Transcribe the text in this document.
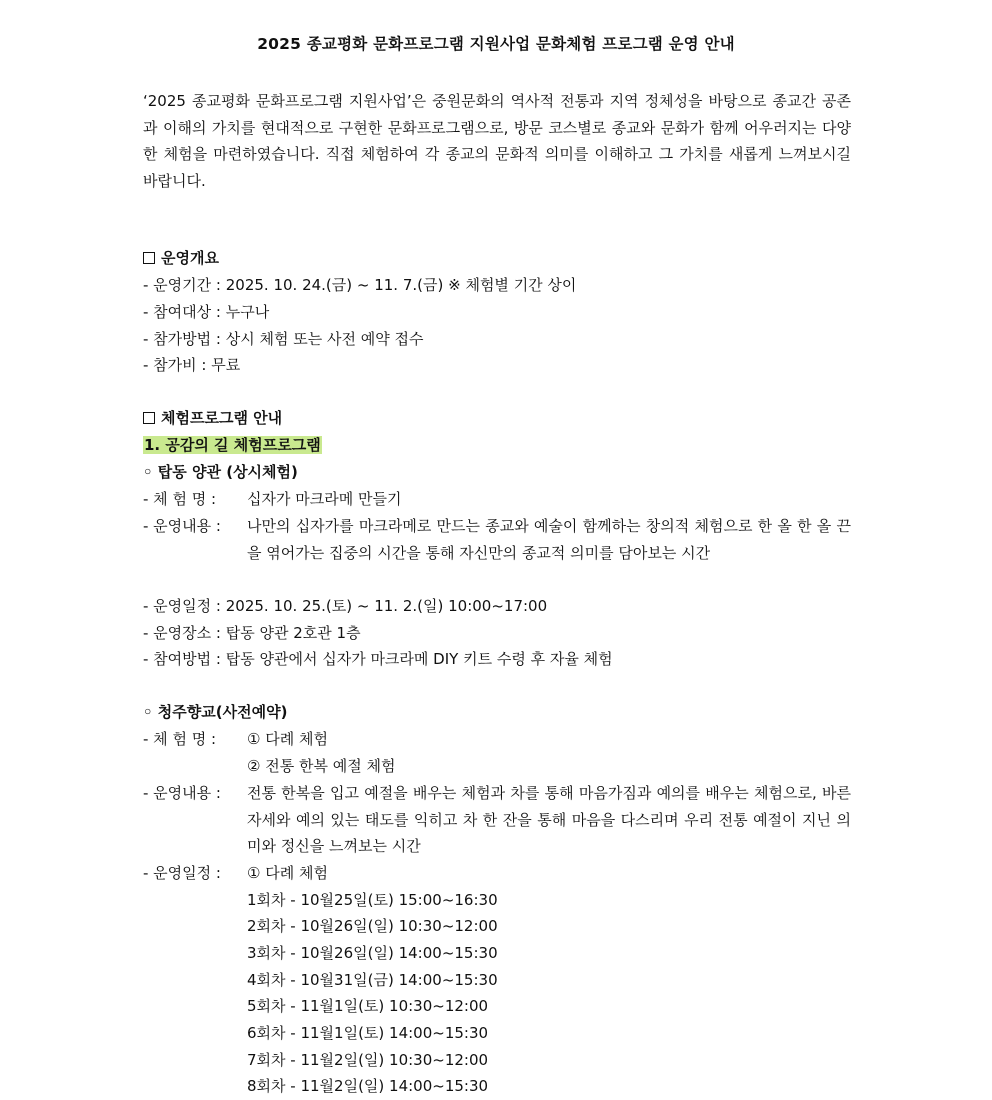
2025 종교평화 문화프로그램 지원사업 문화체험 프로그램 운영 안내
‘2025 종교평화 문화프로그램 지원사업’은 중원문화의 역사적 전통과 지역 정체성을 바탕으로 종교간 공존과 이해의 가치를 현대적으로 구현한 문화프로그램으로, 방문 코스별로 종교와 문화가 함께 어우러지는 다양한 체험을 마련하였습니다. 직접 체험하여 각 종교의 문화적 의미를 이해하고 그 가치를 새롭게 느껴보시길 바랍니다.
운영개요
- 운영기간 : 2025. 10. 24.(금) ~ 11. 7.(금) ※ 체험별 기간 상이
- 참여대상 : 누구나
- 참가방법 : 상시 체험 또는 사전 예약 접수
- 참가비 : 무료
체험프로그램 안내
1. 공감의 길 체험프로그램
◦ 탑동 양관 (상시체험)
- 체 험 명 : 십자가 마크라메 만들기
- 운영내용 : 나만의 십자가를 마크라메로 만드는 종교와 예술이 함께하는 창의적 체험으로 한 올 한 올 끈을 엮어가는 집중의 시간을 통해 자신만의 종교적 의미를 담아보는 시간
- 운영일정 : 2025. 10. 25.(토) ~ 11. 2.(일) 10:00~17:00
- 운영장소 : 탑동 양관 2호관 1층
- 참여방법 : 탑동 양관에서 십자가 마크라메 DIY 키트 수령 후 자율 체험
◦ 청주향교(사전예약)
- 체 험 명 : ① 다례 체험
② 전통 한복 예절 체험
- 운영내용 : 전통 한복을 입고 예절을 배우는 체험과 차를 통해 마음가짐과 예의를 배우는 체험으로, 바른 자세와 예의 있는 태도를 익히고 차 한 잔을 통해 마음을 다스리며 우리 전통 예절이 지닌 의미와 정신을 느껴보는 시간
- 운영일정 : ① 다례 체험
1회차 - 10월25일(토) 15:00~16:30
2회차 - 10월26일(일) 10:30~12:00
3회차 - 10월26일(일) 14:00~15:30
4회차 - 10월31일(금) 14:00~15:30
5회차 - 11월1일(토) 10:30~12:00
6회차 - 11월1일(토) 14:00~15:30
7회차 - 11월2일(일) 10:30~12:00
8회차 - 11월2일(일) 14:00~15:30
